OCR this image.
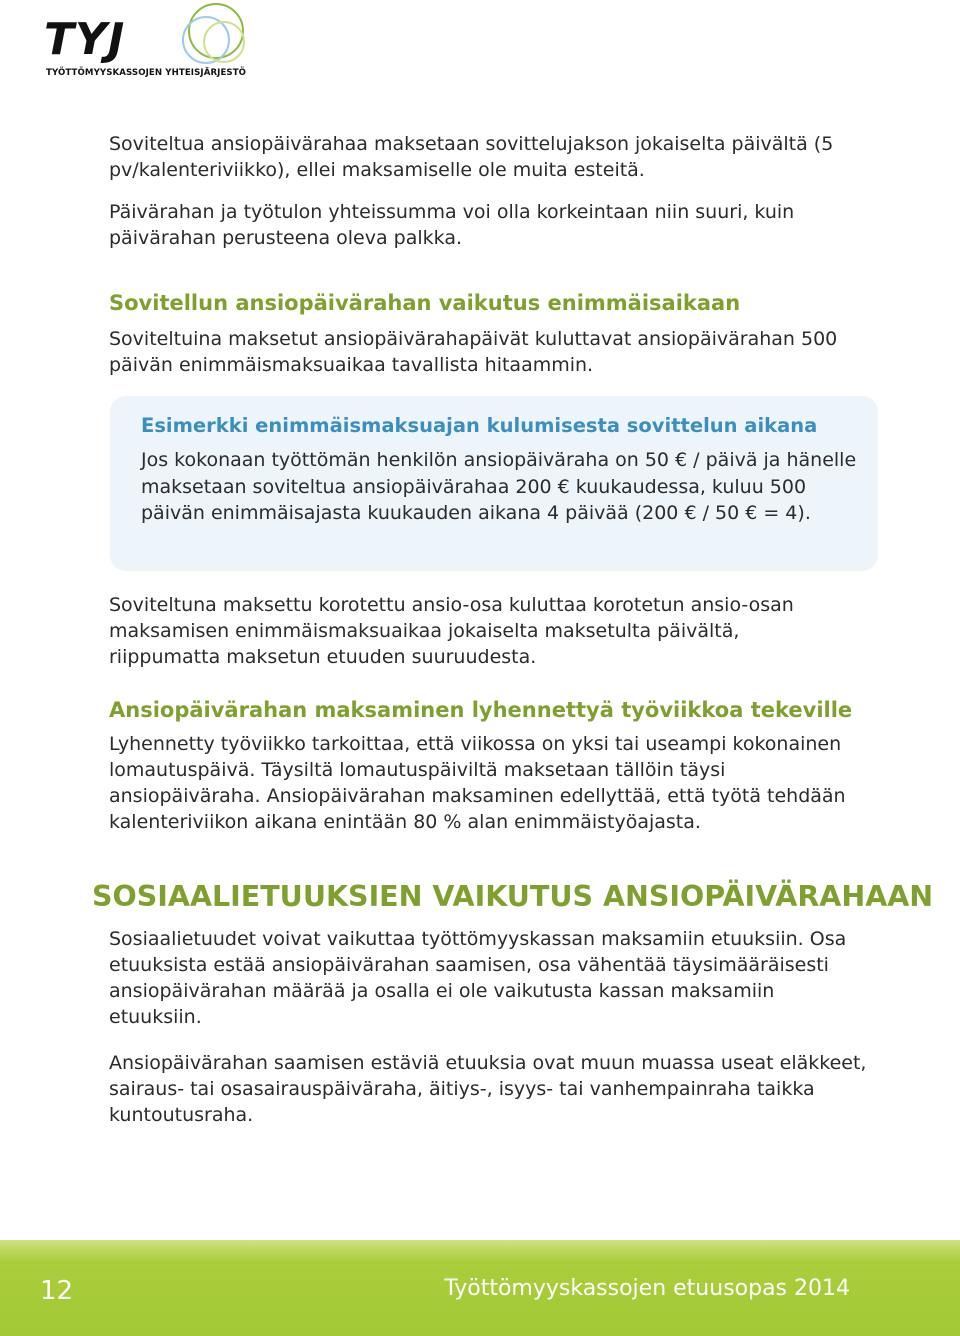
TYJ
TYÖTTÖMYYSKASSOJEN YHTEISJÄRJESTÖ

Soviteltua ansiopäivärahaa maksetaan sovittelujakson jokaiselta päivältä (5 pv/kalenteriviikko), ellei maksamiselle ole muita esteitä.

Päivärahan ja työtulon yhteissumma voi olla korkeintaan niin suuri, kuin päivärahan perusteena oleva palkka.

Sovitellun ansiopäivärahan vaikutus enimmäisaikaan

Soviteltuina maksetut ansiopäivärahapäivät kuluttavat ansiopäivärahan 500 päivän enimmäismaksuaikaa tavallista hitaammin.

Esimerkki enimmäismaksuajan kulumisesta sovittelun aikana

Jos kokonaan työttömän henkilön ansiopäiväraha on 50 € / päivä ja hänelle maksetaan soviteltua ansiopäivärahaa 200 € kuukaudessa, kuluu 500 päivän enimmäisajasta kuukauden aikana 4 päivää (200 € / 50 € = 4).

Soviteltuna maksettu korotettu ansio-osa kuluttaa korotetun ansio-osan maksamisen enimmäismaksuaikaa jokaiselta maksetulta päivältä, riippumatta maksetun etuuden suuruudesta.

Ansiopäivärahan maksaminen lyhennettyä työviikkoa tekeville

Lyhennetty työviikko tarkoittaa, että viikossa on yksi tai useampi kokonainen lomautuspäivä. Täysiltä lomautuspäiviltä maksetaan tällöin täysi ansiopäiväraha. Ansiopäivärahan maksaminen edellyttää, että työtä tehdään kalenteriviikon aikana enintään 80 % alan enimmäistyöajasta.

SOSIAALIETUUKSIEN VAIKUTUS ANSIOPÄIVÄRAHAAN

Sosiaalietuudet voivat vaikuttaa työttömyyskassan maksamiin etuuksiin. Osa etuuksista estää ansiopäivärahan saamisen, osa vähentää täysimääräisesti ansiopäivärahan määrää ja osalla ei ole vaikutusta kassan maksamiin etuuksiin.

Ansiopäivärahan saamisen estäviä etuuksia ovat muun muassa useat eläkkeet, sairaus- tai osasairauspäiväraha, äitiys-, isyys- tai vanhempainraha taikka kuntoutusraha.

12	Työttömyyskassojen etuusopas 2014
